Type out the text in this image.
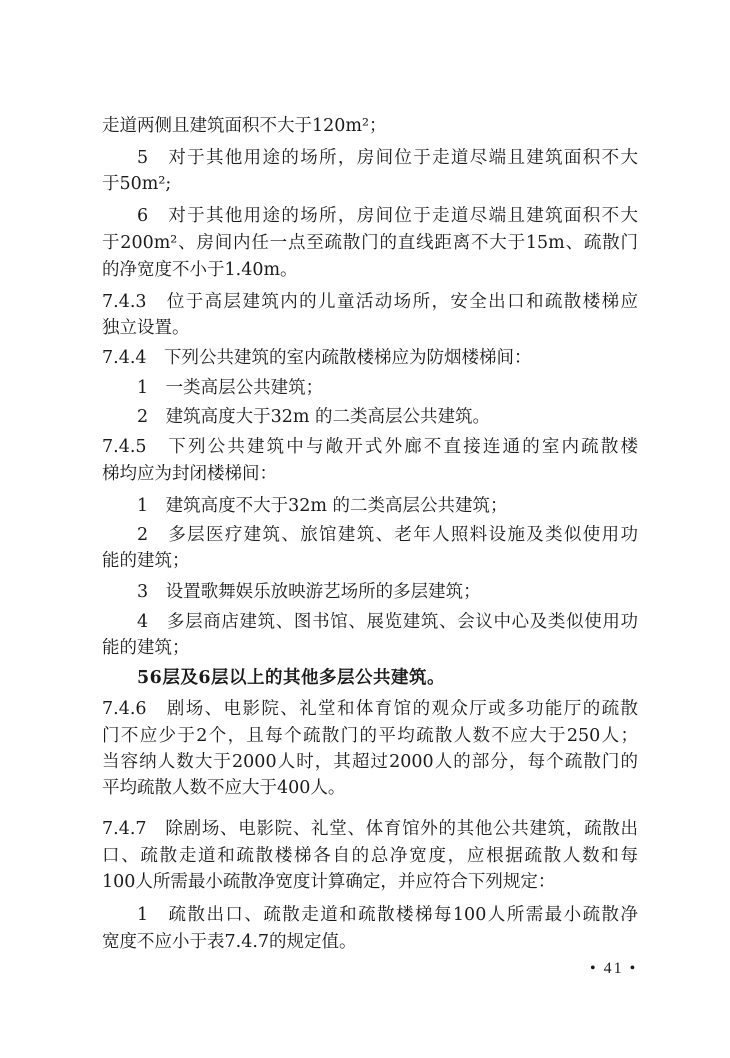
走道两侧且建筑面积不大于120m²；
5　对于其他用途的场所，房间位于走道尽端且建筑面积不大
于50m²;
6　对于其他用途的场所，房间位于走道尽端且建筑面积不大
于200m²、房间内任一点至疏散门的直线距离不大于15m、疏散门
的净宽度不小于1.40m。
7.4.3　位于高层建筑内的儿童活动场所，安全出口和疏散楼梯应
独立设置。
7.4.4　下列公共建筑的室内疏散楼梯应为防烟楼梯间：
1　一类高层公共建筑；
2　建筑高度大于32m 的二类高层公共建筑。
7.4.5　下列公共建筑中与敞开式外廊不直接连通的室内疏散楼
梯均应为封闭楼梯间：
1　建筑高度不大于32m 的二类高层公共建筑；
2　多层医疗建筑、旅馆建筑、老年人照料设施及类似使用功
能的建筑；
3　设置歌舞娱乐放映游艺场所的多层建筑；
4　多层商店建筑、图书馆、展览建筑、会议中心及类似使用功
能的建筑；
56层及6层以上的其他多层公共建筑。
7.4.6　剧场、电影院、礼堂和体育馆的观众厅或多功能厅的疏散
门不应少于2个，且每个疏散门的平均疏散人数不应大于250人；
当容纳人数大于2000人时，其超过2000人的部分，每个疏散门的
平均疏散人数不应大于400人。
7.4.7　除剧场、电影院、礼堂、体育馆外的其他公共建筑，疏散出
口、疏散走道和疏散楼梯各自的总净宽度，应根据疏散人数和每
100人所需最小疏散净宽度计算确定，并应符合下列规定：
1　疏散出口、疏散走道和疏散楼梯每100人所需最小疏散净
宽度不应小于表7.4.7的规定值。
• 41 •
